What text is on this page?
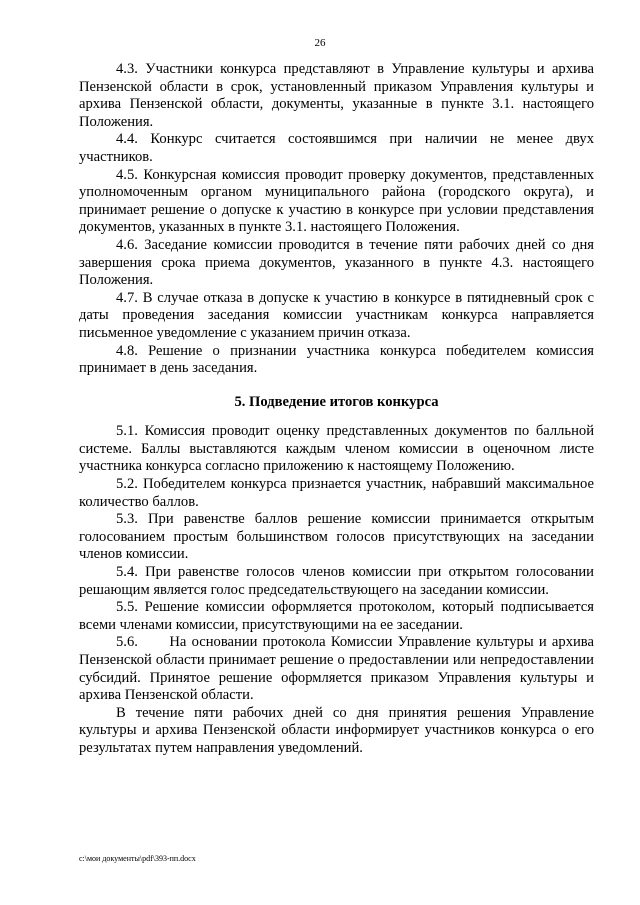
26

4.3. Участники конкурса представляют в Управление культуры и архива Пензенской области в срок, установленный приказом Управления культуры и архива Пензенской области, документы, указанные в пункте 3.1. настоящего Положения.

4.4. Конкурс считается состоявшимся при наличии не менее двух участников.

4.5. Конкурсная комиссия проводит проверку документов, представленных уполномоченным органом муниципального района (городского округа), и принимает решение о допуске к участию в конкурсе при условии представления документов, указанных в пункте 3.1. настоящего Положения.

4.6. Заседание комиссии проводится в течение пяти рабочих дней со дня завершения срока приема документов, указанного в пункте 4.3. настоящего Положения.

4.7. В случае отказа в допуске к участию в конкурсе в пятидневный срок с даты проведения заседания комиссии участникам конкурса направляется письменное уведомление с указанием причин отказа.

4.8. Решение о признании участника конкурса победителем комиссия принимает в день заседания.

5. Подведение итогов конкурса

5.1. Комиссия проводит оценку представленных документов по балльной системе. Баллы выставляются каждым членом комиссии в оценочном листе участника конкурса согласно приложению к настоящему Положению.

5.2. Победителем конкурса признается участник, набравший максимальное количество баллов.

5.3. При равенстве баллов решение комиссии принимается открытым голосованием простым большинством голосов присутствующих на заседании членов комиссии.

5.4. При равенстве голосов членов комиссии при открытом голосовании решающим является голос председательствующего на заседании комиссии.

5.5. Решение комиссии оформляется протоколом, который подписывается всеми членами комиссии, присутствующими на ее заседании.

5.6.      На основании протокола Комиссии Управление культуры и архива Пензенской области принимает решение о предоставлении или непредоставлении субсидий. Принятое решение оформляется приказом Управления культуры и архива Пензенской области.

В течение пяти рабочих дней со дня принятия решения Управление культуры и архива Пензенской области информирует участников конкурса о его результатах путем направления уведомлений.

c:\мои документы\pdf\393-пп.docx
